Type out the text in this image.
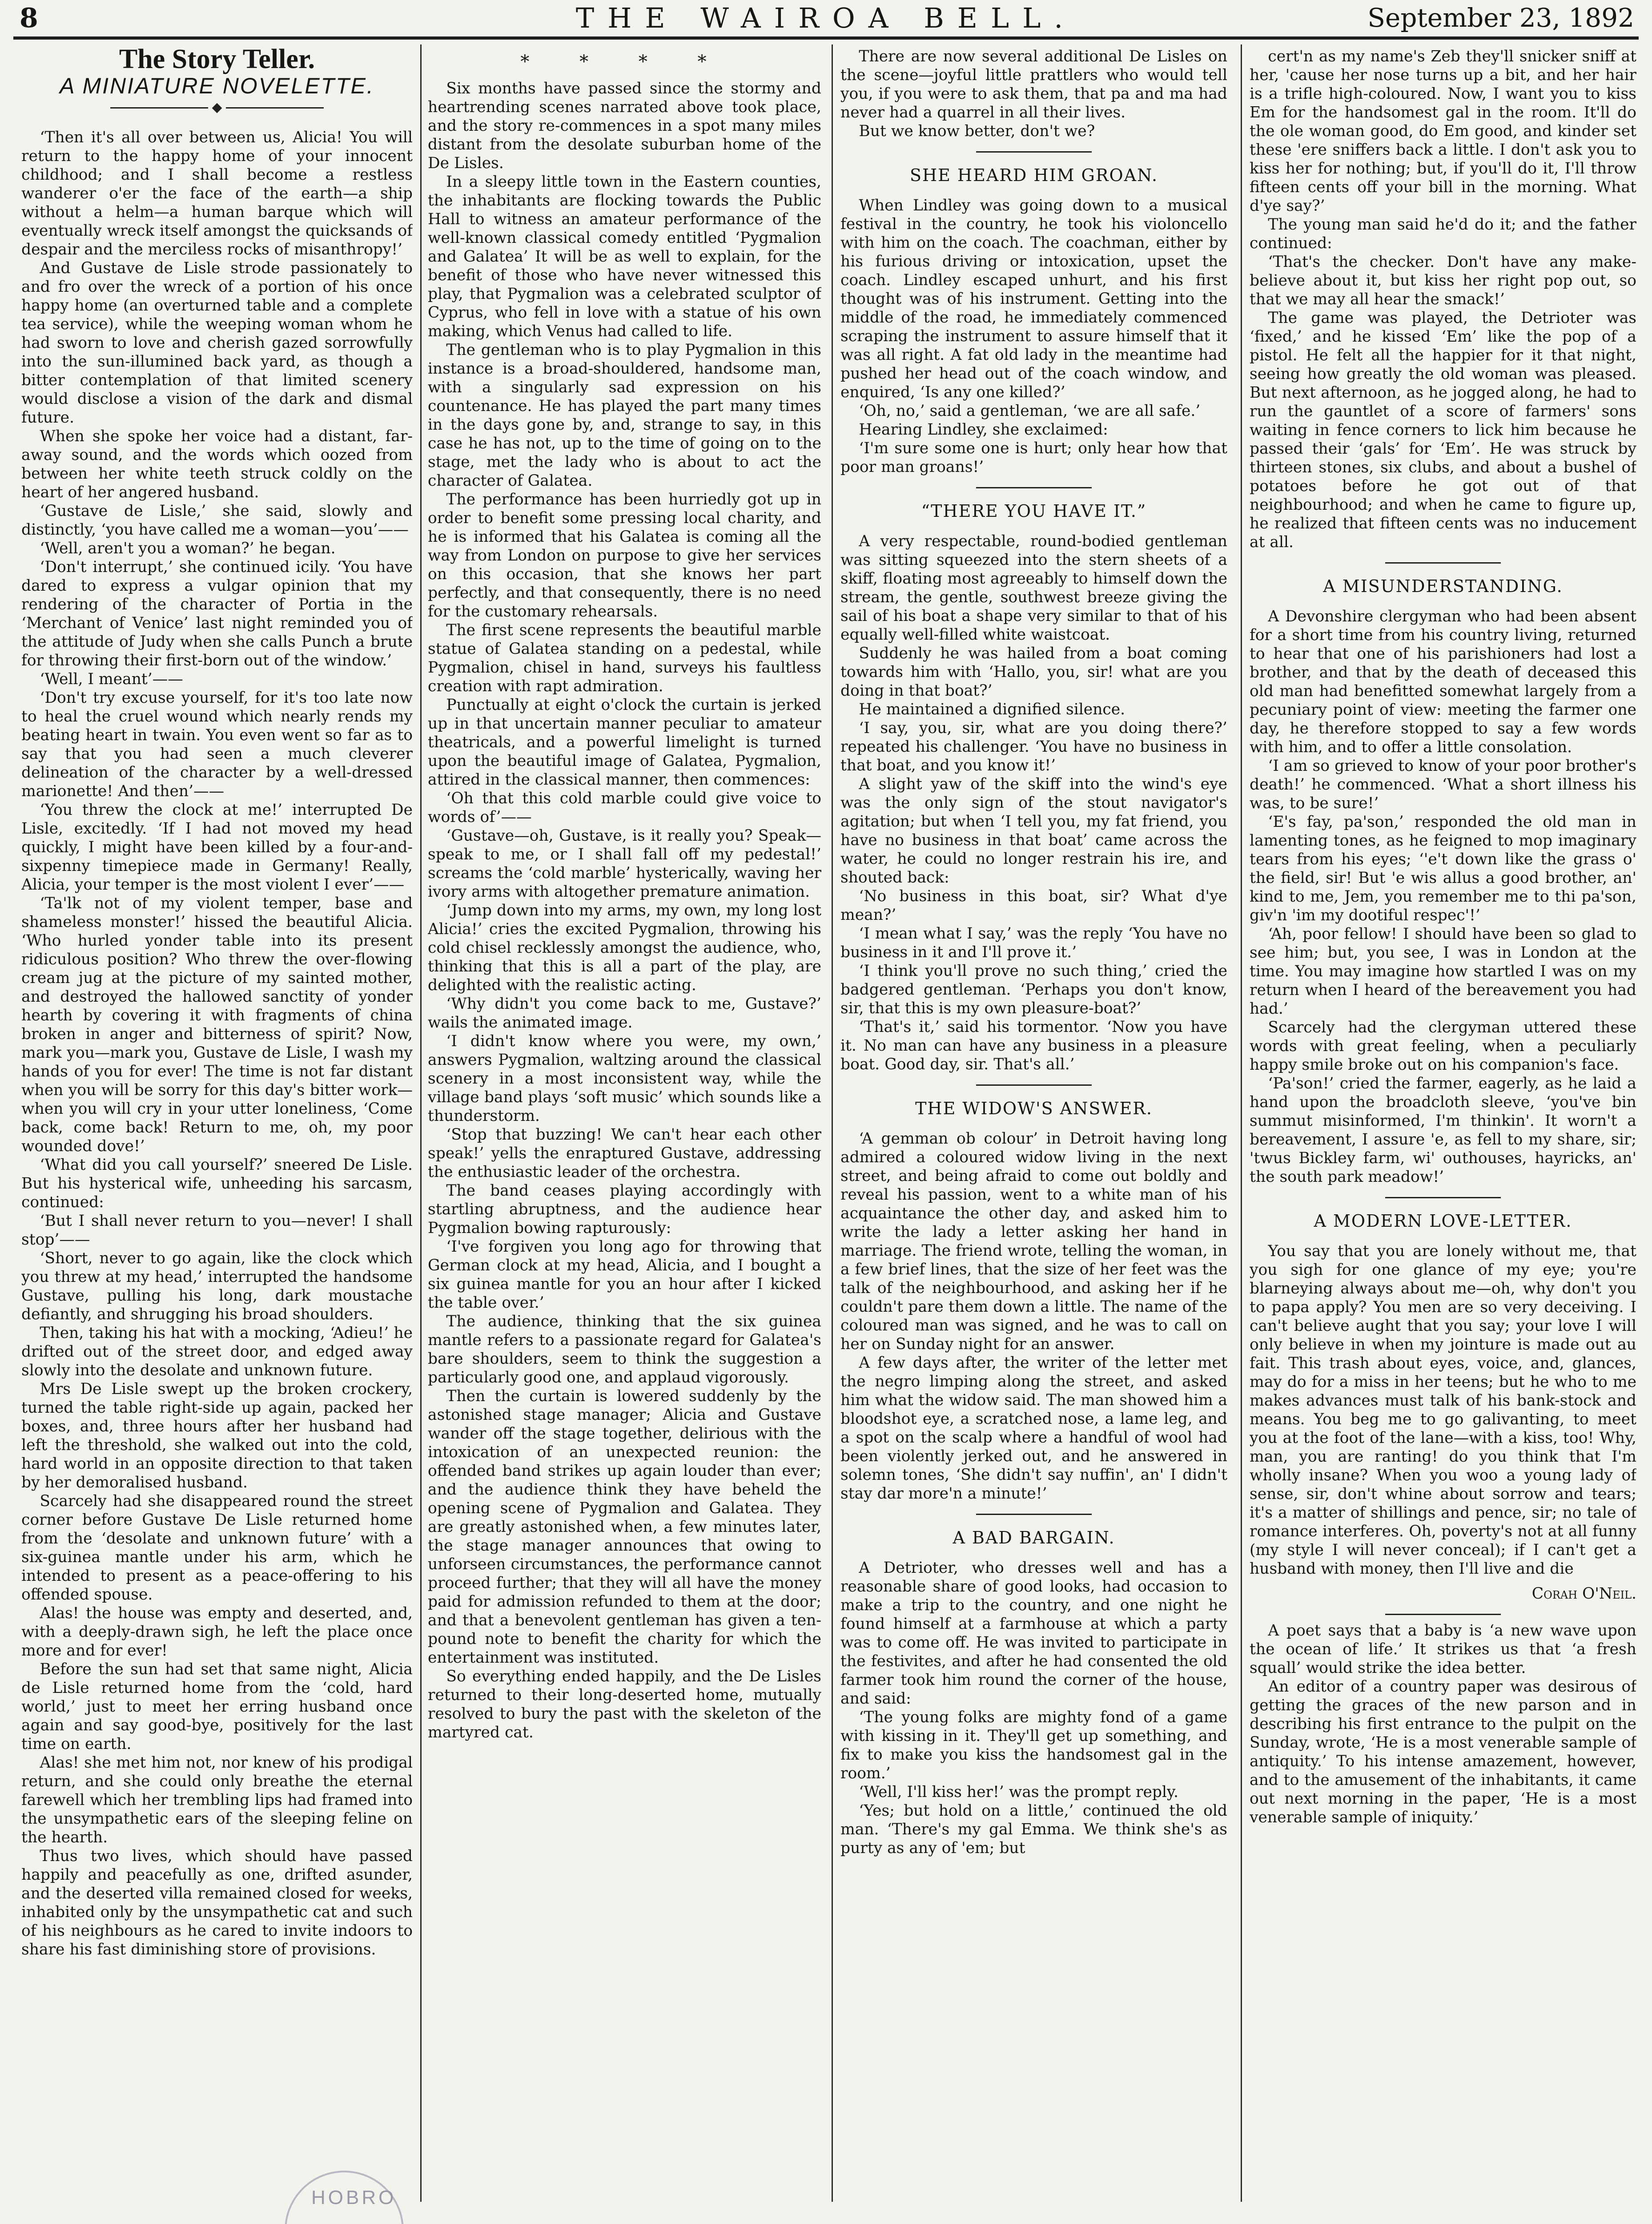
8	THE WAIROA BELL.	September 23, 1892
The Story Teller.
A MINIATURE NOVELETTE.

‘Then it's all over between us, Alicia! You will return to the happy home of your innocent childhood; and I shall become a restless wanderer o'er the face of the earth—a ship without a helm—a human barque which will eventually wreck itself amongst the quicksands of despair and the merciless rocks of misanthropy!’

And Gustave de Lisle strode passionately to and fro over the wreck of a portion of his once happy home (an overturned table and a complete tea service), while the weeping woman whom he had sworn to love and cherish gazed sorrowfully into the sun-illumined back yard, as though a bitter contemplation of that limited scenery would disclose a vision of the dark and dismal future.

When she spoke her voice had a distant, far-away sound, and the words which oozed from between her white teeth struck coldly on the heart of her angered husband.

‘Gustave de Lisle,’ she said, slowly and distinctly, ‘you have called me a woman—you’——

‘Well, aren't you a woman?’ he began.

‘Don't interrupt,’ she continued icily. ‘You have dared to express a vulgar opinion that my rendering of the character of Portia in the ‘Merchant of Venice’ last night reminded you of the attitude of Judy when she calls Punch a brute for throwing their first-born out of the window.’

‘Well, I meant’——

‘Don't try excuse yourself, for it's too late now to heal the cruel wound which nearly rends my beating heart in twain. You even went so far as to say that you had seen a much cleverer delineation of the character by a well-dressed marionette! And then’——

‘You threw the clock at me!’ interrupted De Lisle, excitedly. ‘If I had not moved my head quickly, I might have been killed by a four-and-sixpenny timepiece made in Germany! Really, Alicia, your temper is the most violent I ever’——

‘Ta'lk not of my violent temper, base and shameless monster!’ hissed the beautiful Alicia. ‘Who hurled yonder table into its present ridiculous position? Who threw the over-flowing cream jug at the picture of my sainted mother, and destroyed the hallowed sanctity of yonder hearth by covering it with fragments of china broken in anger and bitterness of spirit? Now, mark you—mark you, Gustave de Lisle, I wash my hands of you for ever! The time is not far distant when you will be sorry for this day's bitter work—when you will cry in your utter loneliness, ‘Come back, come back! Return to me, oh, my poor wounded dove!’

‘What did you call yourself?’ sneered De Lisle. But his hysterical wife, unheeding his sarcasm, continued:

‘But I shall never return to you—never! I shall stop’——

‘Short, never to go again, like the clock which you threw at my head,’ interrupted the handsome Gustave, pulling his long, dark moustache defiantly, and shrugging his broad shoulders.

Then, taking his hat with a mocking, ‘Adieu!’ he drifted out of the street door, and edged away slowly into the desolate and unknown future.

Mrs De Lisle swept up the broken crockery, turned the table right-side up again, packed her boxes, and, three hours after her husband had left the threshold, she walked out into the cold, hard world in an opposite direction to that taken by her demoralised husband.

Scarcely had she disappeared round the street corner before Gustave De Lisle returned home from the ‘desolate and unknown future’ with a six-guinea mantle under his arm, which he intended to present as a peace-offering to his offended spouse.

Alas! the house was empty and deserted, and, with a deeply-drawn sigh, he left the place once more and for ever!

Before the sun had set that same night, Alicia de Lisle returned home from the ‘cold, hard world,’ just to meet her erring husband once again and say good-bye, positively for the last time on earth.

Alas! she met him not, nor knew of his prodigal return, and she could only breathe the eternal farewell which her trembling lips had framed into the unsympathetic ears of the sleeping feline on the hearth.

Thus two lives, which should have passed happily and peacefully as one, drifted asunder, and the deserted villa remained closed for weeks, inhabited only by the unsympathetic cat and such of his neighbours as he cared to invite indoors to share his fast diminishing store of provisions.

* * * *

Six months have passed since the stormy and heartrending scenes narrated above took place, and the story re-commences in a spot many miles distant from the desolate suburban home of the De Lisles.

In a sleepy little town in the Eastern counties, the inhabitants are flocking towards the Public Hall to witness an amateur performance of the well-known classical comedy entitled ‘Pygmalion and Galatea’ It will be as well to explain, for the benefit of those who have never witnessed this play, that Pygmalion was a celebrated sculptor of Cyprus, who fell in love with a statue of his own making, which Venus had called to life.

The gentleman who is to play Pygmalion in this instance is a broad-shouldered, handsome man, with a singularly sad expression on his countenance. He has played the part many times in the days gone by, and, strange to say, in this case he has not, up to the time of going on to the stage, met the lady who is about to act the character of Galatea.

The performance has been hurriedly got up in order to benefit some pressing local charity, and he is informed that his Galatea is coming all the way from London on purpose to give her services on this occasion, that she knows her part perfectly, and that consequently, there is no need for the customary rehearsals.

The first scene represents the beautiful marble statue of Galatea standing on a pedestal, while Pygmalion, chisel in hand, surveys his faultless creation with rapt admiration.

Punctually at eight o'clock the curtain is jerked up in that uncertain manner peculiar to amateur theatricals, and a powerful limelight is turned upon the beautiful image of Galatea, Pygmalion, attired in the classical manner, then commences:

‘Oh that this cold marble could give voice to words of’——

‘Gustave—oh, Gustave, is it really you? Speak—speak to me, or I shall fall off my pedestal!’ screams the ‘cold marble’ hysterically, waving her ivory arms with altogether premature animation.

‘Jump down into my arms, my own, my long lost Alicia!’ cries the excited Pygmalion, throwing his cold chisel recklessly amongst the audience, who, thinking that this is all a part of the play, are delighted with the realistic acting.

‘Why didn't you come back to me, Gustave?’ wails the animated image.

‘I didn't know where you were, my own,’ answers Pygmalion, waltzing around the classical scenery in a most inconsistent way, while the village band plays ‘soft music’ which sounds like a thunderstorm.

‘Stop that buzzing! We can't hear each other speak!’ yells the enraptured Gustave, addressing the enthusiastic leader of the orchestra.

The band ceases playing accordingly with startling abruptness, and the audience hear Pygmalion bowing rapturously:

‘I've forgiven you long ago for throwing that German clock at my head, Alicia, and I bought a six guinea mantle for you an hour after I kicked the table over.’

The audience, thinking that the six guinea mantle refers to a passionate regard for Galatea's bare shoulders, seem to think the suggestion a particularly good one, and applaud vigorously.

Then the curtain is lowered suddenly by the astonished stage manager; Alicia and Gustave wander off the stage together, delirious with the intoxication of an unexpected reunion: the offended band strikes up again louder than ever; and the audience think they have beheld the opening scene of Pygmalion and Galatea. They are greatly astonished when, a few minutes later, the stage manager announces that owing to unforseen circumstances, the performance cannot proceed further; that they will all have the money paid for admission refunded to them at the door; and that a benevolent gentleman has given a ten-pound note to benefit the charity for which the entertainment was instituted.

So everything ended happily, and the De Lisles returned to their long-deserted home, mutually resolved to bury the past with the skeleton of the martyred cat.

There are now several additional De Lisles on the scene—joyful little prattlers who would tell you, if you were to ask them, that pa and ma had never had a quarrel in all their lives.

But we know better, don't we?

SHE HEARD HIM GROAN.

When Lindley was going down to a musical festival in the country, he took his violoncello with him on the coach. The coachman, either by his furious driving or intoxication, upset the coach. Lindley escaped unhurt, and his first thought was of his instrument. Getting into the middle of the road, he immediately commenced scraping the instrument to assure himself that it was all right. A fat old lady in the meantime had pushed her head out of the coach window, and enquired, ‘Is any one killed?’

‘Oh, no,’ said a gentleman, ‘we are all safe.’

Hearing Lindley, she exclaimed:

‘I'm sure some one is hurt; only hear how that poor man groans!’

“THERE YOU HAVE IT.”

A very respectable, round-bodied gentleman was sitting squeezed into the stern sheets of a skiff, floating most agreeably to himself down the stream, the gentle, southwest breeze giving the sail of his boat a shape very similar to that of his equally well-filled white waistcoat.

Suddenly he was hailed from a boat coming towards him with ‘Hallo, you, sir! what are you doing in that boat?’

He maintained a dignified silence.

‘I say, you, sir, what are you doing there?’ repeated his challenger. ‘You have no business in that boat, and you know it!’

A slight yaw of the skiff into the wind's eye was the only sign of the stout navigator's agitation; but when ‘I tell you, my fat friend, you have no business in that boat’ came across the water, he could no longer restrain his ire, and shouted back:

‘No business in this boat, sir? What d'ye mean?’

‘I mean what I say,’ was the reply ‘You have no business in it and I'll prove it.’

‘I think you'll prove no such thing,’ cried the badgered gentleman. ‘Perhaps you don't know, sir, that this is my own pleasure-boat?’

‘That's it,’ said his tormentor. ‘Now you have it. No man can have any business in a pleasure boat. Good day, sir. That's all.’

THE WIDOW'S ANSWER.

‘A gemman ob colour’ in Detroit having long admired a coloured widow living in the next street, and being afraid to come out boldly and reveal his passion, went to a white man of his acquaintance the other day, and asked him to write the lady a letter asking her hand in marriage. The friend wrote, telling the woman, in a few brief lines, that the size of her feet was the talk of the neighbourhood, and asking her if he couldn't pare them down a little. The name of the coloured man was signed, and he was to call on her on Sunday night for an answer.

A few days after, the writer of the letter met the negro limping along the street, and asked him what the widow said. The man showed him a bloodshot eye, a scratched nose, a lame leg, and a spot on the scalp where a handful of wool had been violently jerked out, and he answered in solemn tones, ‘She didn't say nuffin', an' I didn't stay dar more'n a minute!’

A BAD BARGAIN.

A Detrioter, who dresses well and has a reasonable share of good looks, had occasion to make a trip to the country, and one night he found himself at a farmhouse at which a party was to come off. He was invited to participate in the festivites, and after he had consented the old farmer took him round the corner of the house, and said:

‘The young folks are mighty fond of a game with kissing in it. They'll get up something, and fix to make you kiss the handsomest gal in the room.’

‘Well, I'll kiss her!’ was the prompt reply.

‘Yes; but hold on a little,’ continued the old man. ‘There's my gal Emma. We think she's as purty as any of 'em; but

cert'n as my name's Zeb they'll snicker sniff at her, 'cause her nose turns up a bit, and her hair is a trifle high-coloured. Now, I want you to kiss Em for the handsomest gal in the room. It'll do the ole woman good, do Em good, and kinder set these 'ere sniffers back a little. I don't ask you to kiss her for nothing; but, if you'll do it, I'll throw fifteen cents off your bill in the morning. What d'ye say?’

The young man said he'd do it; and the father continued:

‘That's the checker. Don't have any make-believe about it, but kiss her right pop out, so that we may all hear the smack!’

The game was played, the Detrioter was ‘fixed,’ and he kissed ‘Em’ like the pop of a pistol. He felt all the happier for it that night, seeing how greatly the old woman was pleased. But next afternoon, as he jogged along, he had to run the gauntlet of a score of farmers' sons waiting in fence corners to lick him because he passed their ‘gals’ for ‘Em’. He was struck by thirteen stones, six clubs, and about a bushel of potatoes before he got out of that neighbourhood; and when he came to figure up, he realized that fifteen cents was no inducement at all.

A MISUNDERSTANDING.

A Devonshire clergyman who had been absent for a short time from his country living, returned to hear that one of his parishioners had lost a brother, and that by the death of deceased this old man had benefitted somewhat largely from a pecuniary point of view: meeting the farmer one day, he therefore stopped to say a few words with him, and to offer a little consolation.

‘I am so grieved to know of your poor brother's death!’ he commenced. ‘What a short illness his was, to be sure!’

‘E's fay, pa'son,’ responded the old man in lamenting tones, as he feigned to mop imaginary tears from his eyes; ‘'e't down like the grass o' the field, sir! But 'e wis allus a good brother, an' kind to me, Jem, you remember me to thi pa'son, giv'n 'im my dootiful respec'!’

‘Ah, poor fellow! I should have been so glad to see him; but, you see, I was in London at the time. You may imagine how startled I was on my return when I heard of the bereavement you had had.’

Scarcely had the clergyman uttered these words with great feeling, when a peculiarly happy smile broke out on his companion's face.

‘Pa'son!’ cried the farmer, eagerly, as he laid a hand upon the broadcloth sleeve, ‘you've bin summut misinformed, I'm thinkin'. It worn't a bereavement, I assure 'e, as fell to my share, sir; 'twus Bickley farm, wi' outhouses, hayricks, an' the south park meadow!’

A MODERN LOVE-LETTER.

You say that you are lonely without me, that you sigh for one glance of my eye; you're blarneying always about me—oh, why don't you to papa apply? You men are so very deceiving. I can't believe aught that you say; your love I will only believe in when my jointure is made out au fait. This trash about eyes, voice, and, glances, may do for a miss in her teens; but he who to me makes advances must talk of his bank-stock and means. You beg me to go galivanting, to meet you at the foot of the lane—with a kiss, too! Why, man, you are ranting! do you think that I'm wholly insane? When you woo a young lady of sense, sir, don't whine about sorrow and tears; it's a matter of shillings and pence, sir; no tale of romance interferes. Oh, poverty's not at all funny (my style I will never conceal); if I can't get a husband with money, then I'll live and die

Corah O'Neil.

A poet says that a baby is ‘a new wave upon the ocean of life.’ It strikes us that ‘a fresh squall’ would strike the idea better.

An editor of a country paper was desirous of getting the graces of the new parson and in describing his first entrance to the pulpit on the Sunday, wrote, ‘He is a most venerable sample of antiquity.’ To his intense amazement, however, and to the amusement of the inhabitants, it came out next morning in the paper, ‘He is a most venerable sample of iniquity.’

HOBRO
